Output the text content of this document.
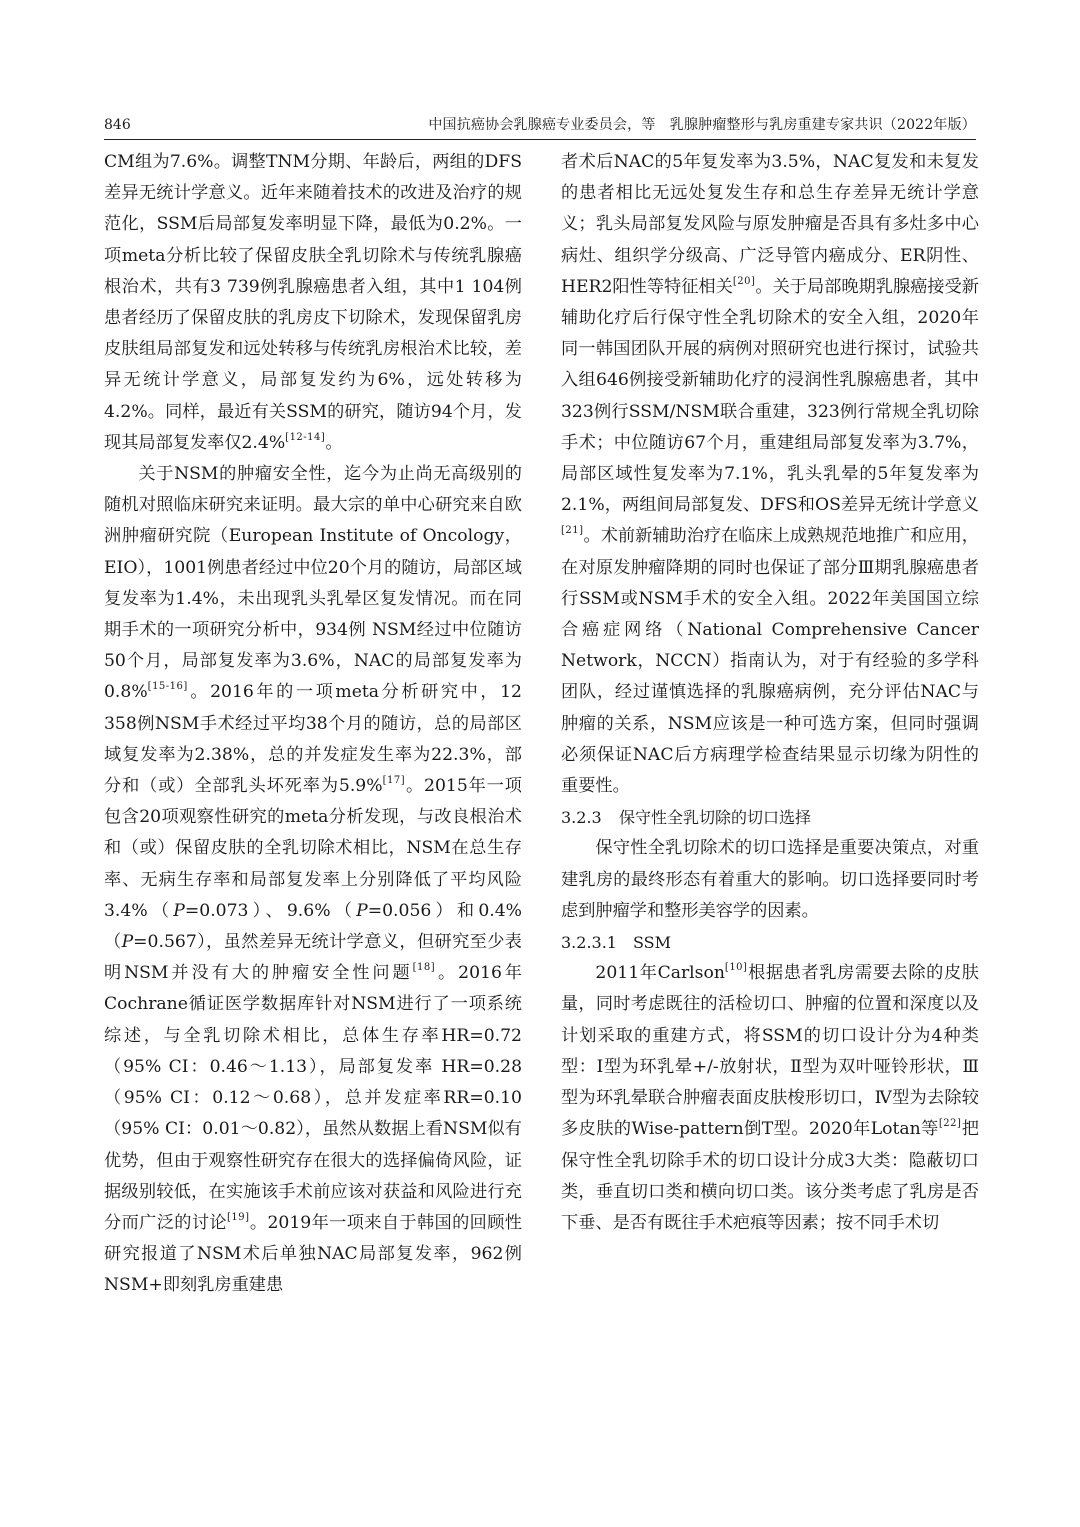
846	中国抗癌协会乳腺癌专业委员会，等　乳腺肿瘤整形与乳房重建专家共识（2022年版）

CM组为7.6%。调整TNM分期、年龄后，两组的DFS差异无统计学意义。近年来随着技术的改进及治疗的规范化，SSM后局部复发率明显下降，最低为0.2%。一项meta分析比较了保留皮肤全乳切除术与传统乳腺癌根治术，共有3 739例乳腺癌患者入组，其中1 104例患者经历了保留皮肤的乳房皮下切除术，发现保留乳房皮肤组局部复发和远处转移与传统乳房根治术比较，差异无统计学意义，局部复发约为6%，远处转移为4.2%。同样，最近有关SSM的研究，随访94个月，发现其局部复发率仅2.4%[12-14]。

关于NSM的肿瘤安全性，迄今为止尚无高级别的随机对照临床研究来证明。最大宗的单中心研究来自欧洲肿瘤研究院（European Institute of Oncology，EIO），1001例患者经过中位20个月的随访，局部区域复发率为1.4%，未出现乳头乳晕区复发情况。而在同期手术的一项研究分析中，934例 NSM经过中位随访50个月，局部复发率为3.6%，NAC的局部复发率为0.8%[15-16]。2016年的一项meta分析研究中，12 358例NSM手术经过平均38个月的随访，总的局部区域复发率为2.38%，总的并发症发生率为22.3%，部分和（或）全部乳头坏死率为5.9%[17]。2015年一项包含20项观察性研究的meta分析发现，与改良根治术和（或）保留皮肤的全乳切除术相比，NSM在总生存率、无病生存率和局部复发率上分别降低了平均风险3.4%（P=0.073）、9.6%（P=0.056）和0.4%（P=0.567），虽然差异无统计学意义，但研究至少表明NSM并没有大的肿瘤安全性问题[18]。2016年Cochrane循证医学数据库针对NSM进行了一项系统综述，与全乳切除术相比，总体生存率HR=0.72（95% CI：0.46～1.13），局部复发率 HR=0.28（95% CI：0.12～0.68），总并发症率RR=0.10（95% CI：0.01～0.82），虽然从数据上看NSM似有优势，但由于观察性研究存在很大的选择偏倚风险，证据级别较低，在实施该手术前应该对获益和风险进行充分而广泛的讨论[19]。2019年一项来自于韩国的回顾性研究报道了NSM术后单独NAC局部复发率，962例NSM+即刻乳房重建患

者术后NAC的5年复发率为3.5%，NAC复发和未复发的患者相比无远处复发生存和总生存差异无统计学意义；乳头局部复发风险与原发肿瘤是否具有多灶多中心病灶、组织学分级高、广泛导管内癌成分、ER阴性、HER2阳性等特征相关[20]。关于局部晚期乳腺癌接受新辅助化疗后行保守性全乳切除术的安全入组，2020年同一韩国团队开展的病例对照研究也进行探讨，试验共入组646例接受新辅助化疗的浸润性乳腺癌患者，其中323例行SSM/NSM联合重建，323例行常规全乳切除手术；中位随访67个月，重建组局部复发率为3.7%，局部区域性复发率为7.1%，乳头乳晕的5年复发率为2.1%，两组间局部复发、DFS和OS差异无统计学意义[21]。术前新辅助治疗在临床上成熟规范地推广和应用，在对原发肿瘤降期的同时也保证了部分Ⅲ期乳腺癌患者行SSM或NSM手术的安全入组。2022年美国国立综合癌症网络（National Comprehensive Cancer Network，NCCN）指南认为，对于有经验的多学科团队，经过谨慎选择的乳腺癌病例，充分评估NAC与肿瘤的关系，NSM应该是一种可选方案，但同时强调必须保证NAC后方病理学检查结果显示切缘为阴性的重要性。

3.2.3 保守性全乳切除的切口选择

保守性全乳切除术的切口选择是重要决策点，对重建乳房的最终形态有着重大的影响。切口选择要同时考虑到肿瘤学和整形美容学的因素。

3.2.3.1 SSM

2011年Carlson[10]根据患者乳房需要去除的皮肤量，同时考虑既往的活检切口、肿瘤的位置和深度以及计划采取的重建方式，将SSM的切口设计分为4种类型：Ⅰ型为环乳晕+/-放射状，Ⅱ型为双叶哑铃形状，Ⅲ型为环乳晕联合肿瘤表面皮肤梭形切口，Ⅳ型为去除较多皮肤的Wise-pattern倒T型。2020年Lotan等[22]把保守性全乳切除手术的切口设计分成3大类：隐蔽切口类，垂直切口类和横向切口类。该分类考虑了乳房是否下垂、是否有既往手术疤痕等因素；按不同手术切
